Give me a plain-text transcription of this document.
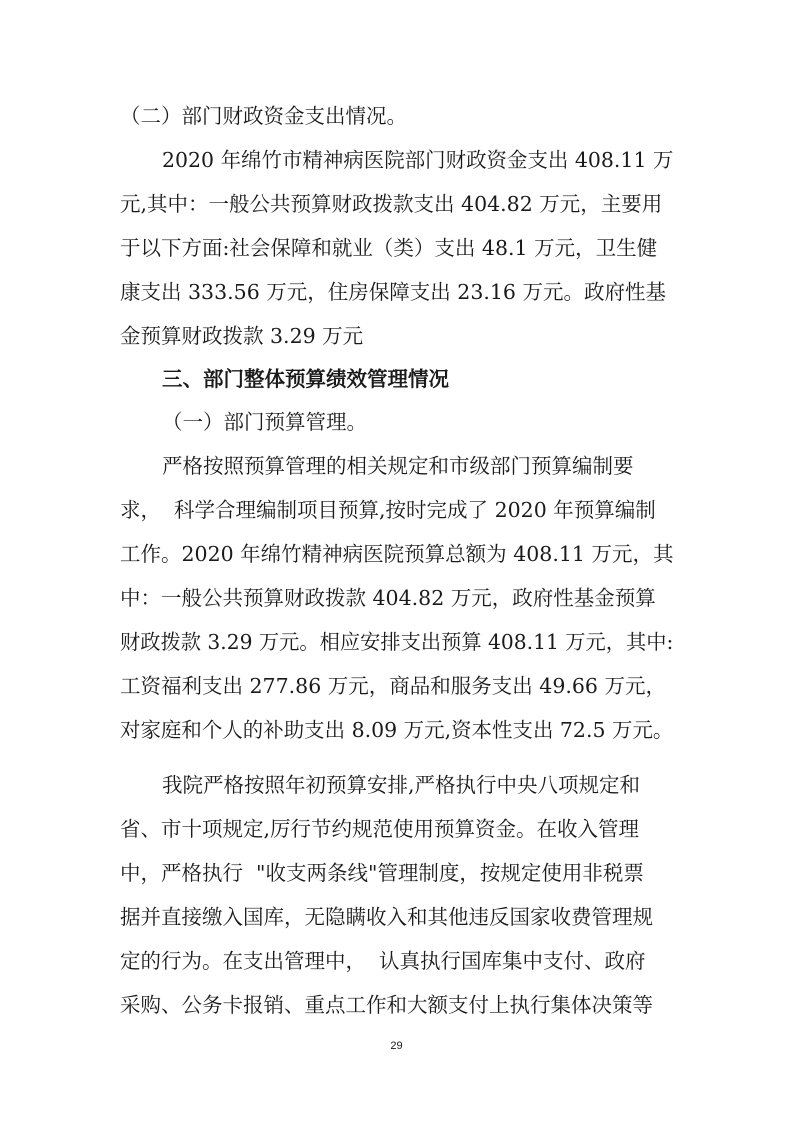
（二）部门财政资金支出情况。
2020 年绵竹市精神病医院部门财政资金支出 408.11 万
元,其中：一般公共预算财政拨款支出 404.82 万元，主要用
于以下方面:社会保障和就业（类）支出 48.1 万元，卫生健
康支出 333.56 万元，住房保障支出 23.16 万元。政府性基
金预算财政拨款 3.29 万元
三、部门整体预算绩效管理情况
（一）部门预算管理。
严格按照预算管理的相关规定和市级部门预算编制要
求，  科学合理编制项目预算,按时完成了 2020 年预算编制
工作。2020 年绵竹精神病医院预算总额为 408.11 万元，其
中：一般公共预算财政拨款 404.82 万元，政府性基金预算
财政拨款 3.29 万元。相应安排支出预算 408.11 万元，其中:
工资福利支出 277.86 万元，商品和服务支出 49.66 万元，
对家庭和个人的补助支出 8.09 万元,资本性支出 72.5 万元。
我院严格按照年初预算安排,严格执行中央八项规定和
省、市十项规定,厉行节约规范使用预算资金。在收入管理
中，严格执行  "收支两条线"管理制度，按规定使用非税票
据并直接缴入国库，无隐瞒收入和其他违反国家收费管理规
定的行为。在支出管理中，  认真执行国库集中支付、政府
采购、公务卡报销、重点工作和大额支付上执行集体决策等
29
